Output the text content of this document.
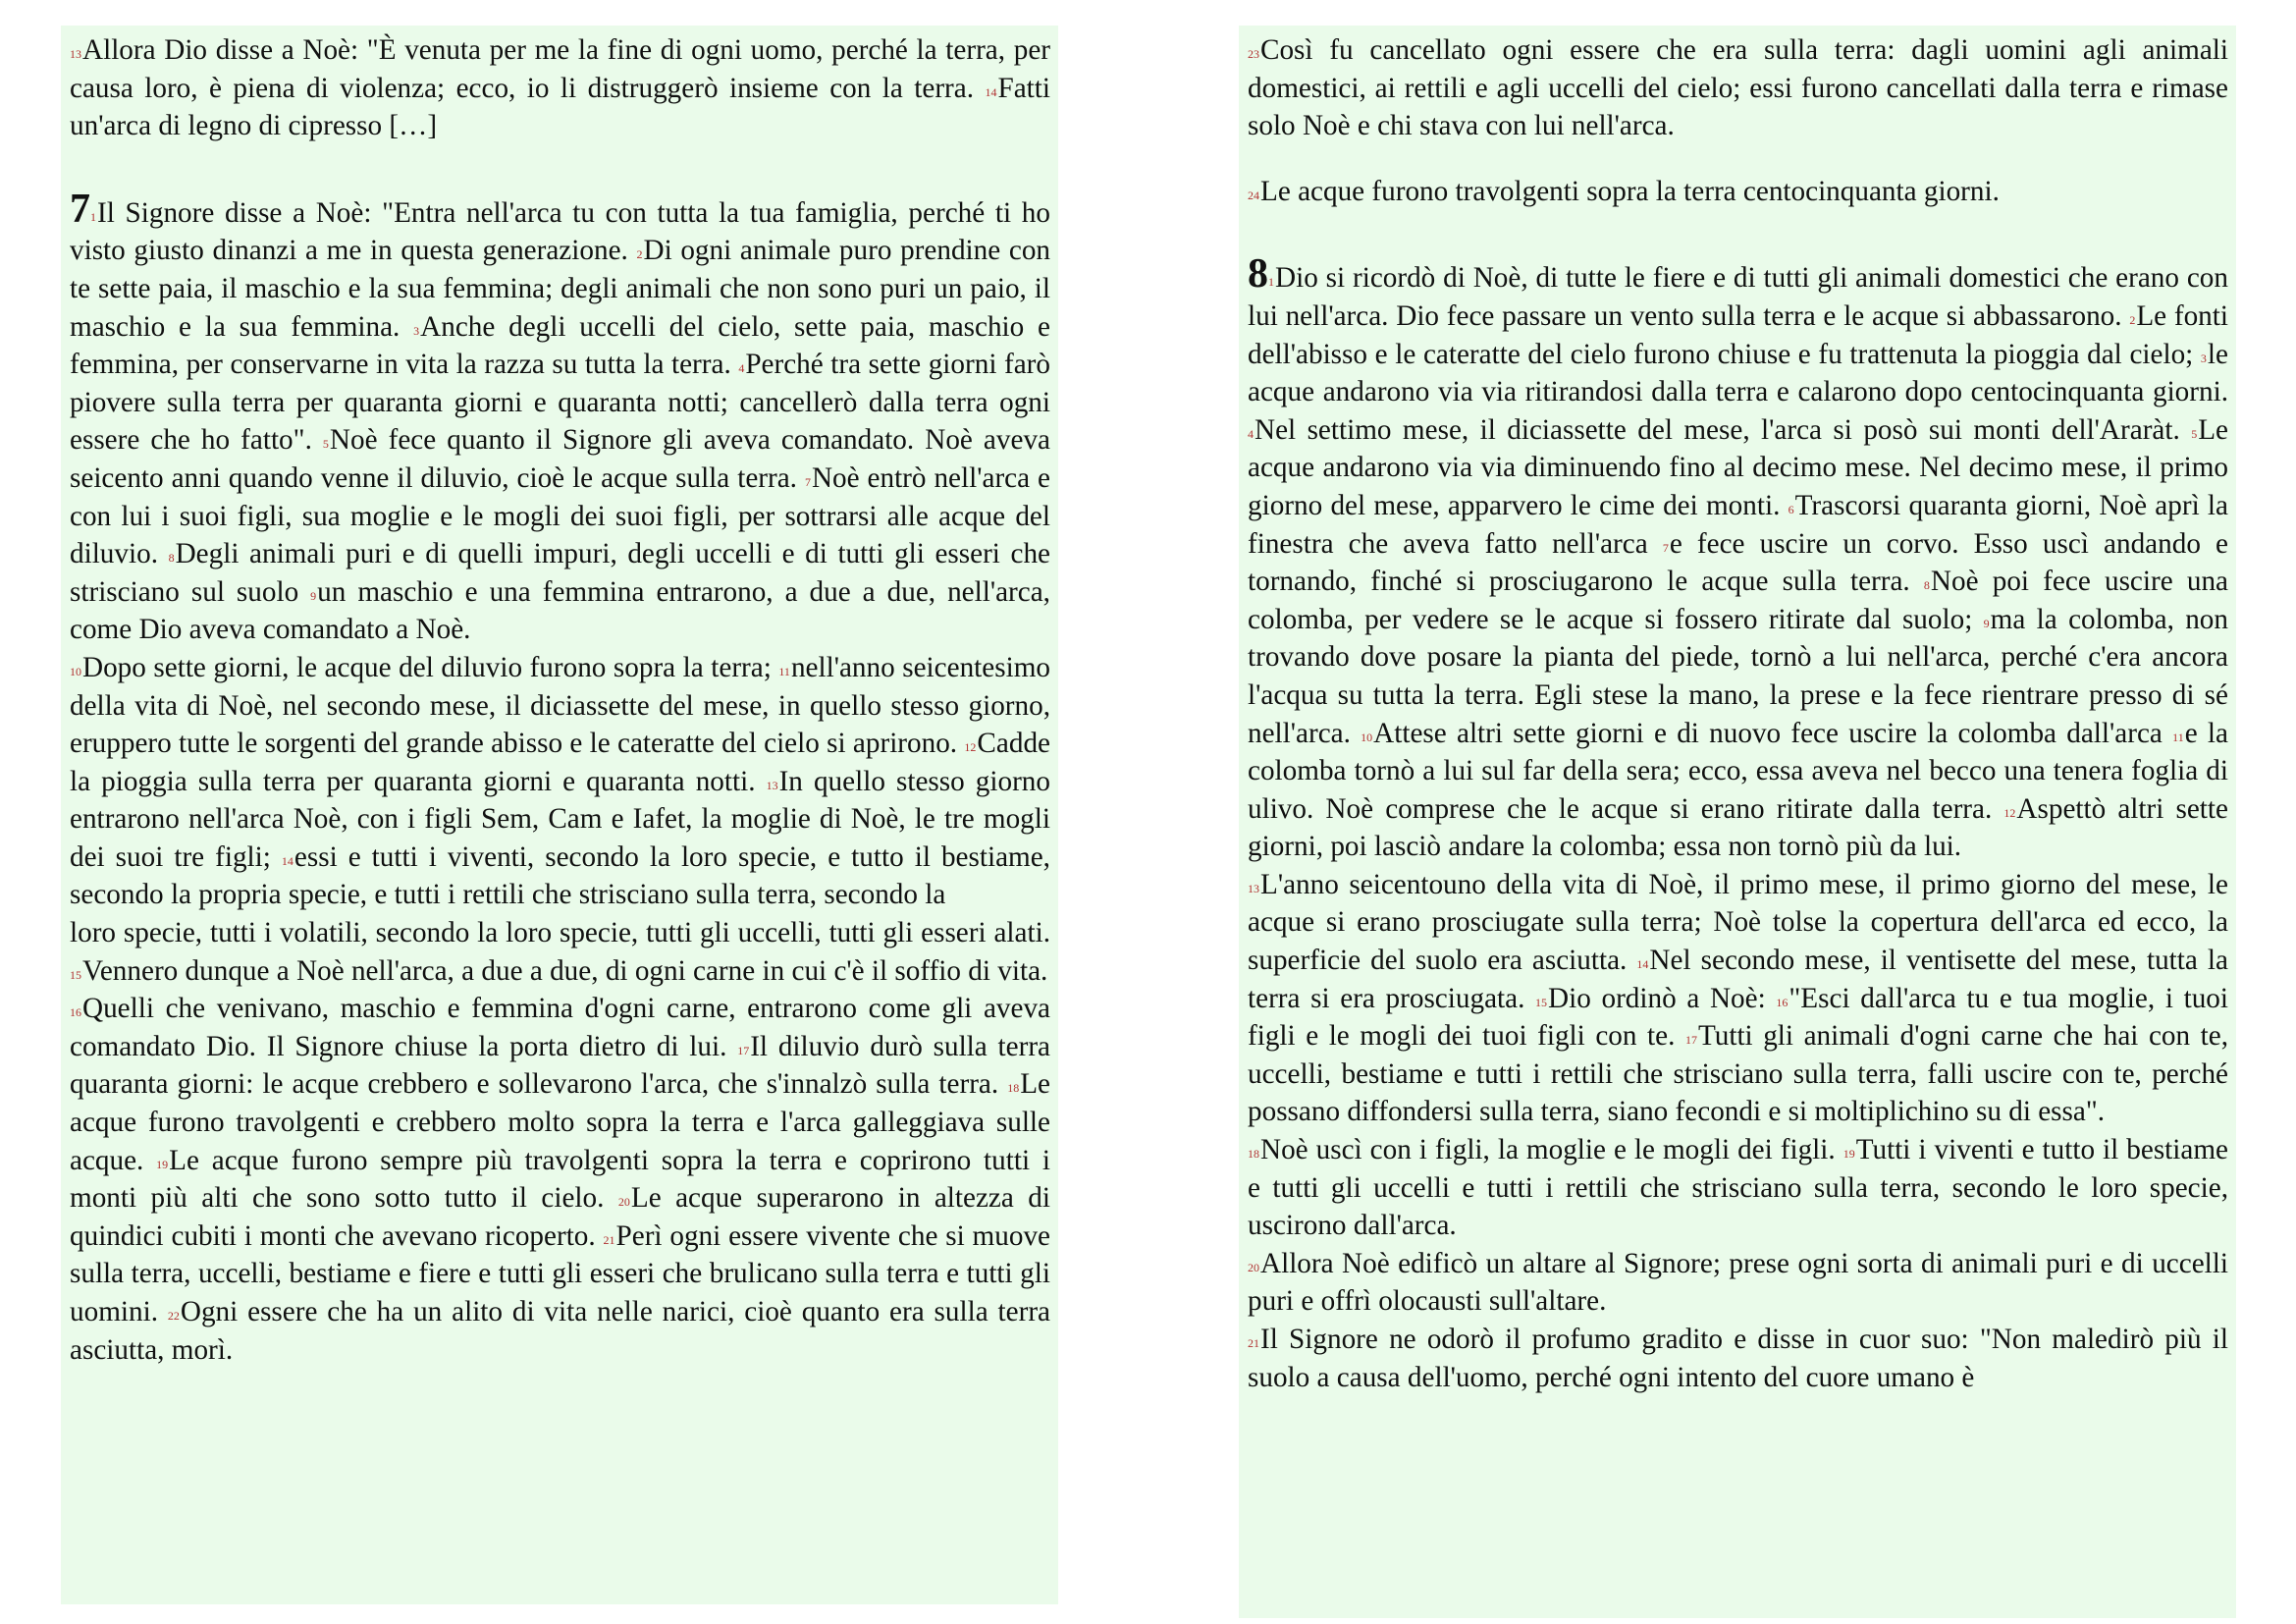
$^{13}$Allora Dio disse a Noè: "È venuta per me la fine di ogni uomo, perché la terra, per causa loro, è piena di violenza; ecco, io li distruggerò insieme con la terra. $^{14}$Fatti un'arca di legno di cipresso […]

$7^1Il$ Signore disse a Noè: "Entra nell'arca tu con tutta la tua famiglia, perché ti ho visto giusto dinanzi a me in questa generazione. $^2$Di ogni animale puro prendine con te sette paia, il maschio e la sua femmina; degli animali che non sono puri un paio, il maschio e la sua femmina. $^3$Anche degli uccelli del cielo, sette paia, maschio e femmina, per conservarne in vita la razza su tutta la terra. $^4$Perché tra sette giorni farò piovere sulla terra per quaranta giorni e quaranta notti; cancellerò dalla terra ogni essere che ho fatto". $^5$Noè fece quanto il Signore gli aveva comandato. Noè aveva seicento anni quando venne il diluvio, cioè le acque sulla terra. $^7$Noè entrò nell'arca e con lui i suoi figli, sua moglie e le mogli dei suoi figli, per sottrarsi alle acque del diluvio. $^8$Degli animali puri e di quelli impuri, degli uccelli e di tutti gli esseri che strisciano sul suolo $^9$un maschio e una femmina entrarono, a due a due, nell'arca, come Dio aveva comandato a Noè.

$^{10}$Dopo sette giorni, le acque del diluvio furono sopra la terra; $^{11}$nell'anno seicentesimo della vita di Noè, nel secondo mese, il diciassette del mese, in quello stesso giorno, eruppero tutte le sorgenti del grande abisso e le cateratte del cielo si aprirono. $^{12}$Cadde la pioggia sulla terra per quaranta giorni e quaranta notti. $^{13}$In quello stesso giorno entrarono nell'arca Noè, con i figli Sem, Cam e Iafet, la moglie di Noè, le tre mogli dei suoi tre figli; $^{14}$essi e tutti i viventi, secondo la loro specie, e tutto il bestiame, secondo la propria specie, e tutti i rettili che strisciano sulla terra, secondo la

loro specie, tutti i volatili, secondo la loro specie, tutti gli uccelli, tutti gli esseri alati. $^{15}$Vennero dunque a Noè nell'arca, a due a due, di ogni carne in cui c'è il soffio di vita.

$^{16}$Quelli che venivano, maschio e femmina d'ogni carne, entrarono come gli aveva comandato Dio. Il Signore chiuse la porta dietro di lui. $^{17}$Il diluvio durò sulla terra quaranta giorni: le acque crebbero e sollevarono l'arca, che s'innalzò sulla terra. $^{18}$Le acque furono travolgenti e crebbero molto sopra la terra e l'arca galleggiava sulle acque. $^{19}$Le acque furono sempre più travolgenti sopra la terra e coprirono tutti i monti più alti che sono sotto tutto il cielo. $^{20}$Le acque superarono in altezza di quindici cubiti i monti che avevano ricoperto. $^{21}$Perì ogni essere vivente che si muove sulla terra, uccelli, bestiame e fiere e tutti gli esseri che brulicano sulla terra e tutti gli uomini. $^{22}$Ogni essere che ha un alito di vita nelle narici, cioè quanto era sulla terra asciutta, morì.

$^{23}$Così fu cancellato ogni essere che era sulla terra: dagli uomini agli animali domestici, ai rettili e agli uccelli del cielo; essi furono cancellati dalla terra e rimase solo Noè e chi stava con lui nell'arca.

$^{24}$Le acque furono travolgenti sopra la terra centocinquanta giorni.

$8^1Dio$ si ricordò di Noè, di tutte le fiere e di tutti gli animali domestici che erano con lui nell'arca. Dio fece passare un vento sulla terra e le acque si abbassarono. $^2$Le fonti dell'abisso e le cateratte del cielo furono chiuse e fu trattenuta la pioggia dal cielo; $^3$le acque andarono via via ritirandosi dalla terra e calarono dopo centocinquanta giorni. $^4$Nel settimo mese, il diciassette del mese, l'arca si posò sui monti dell'Araràt. $^5$Le acque andarono via via diminuendo fino al decimo mese. Nel decimo mese, il primo giorno del mese, apparvero le cime dei monti. $^6$Trascorsi quaranta giorni, Noè aprì la finestra che aveva fatto nell'arca $^7$e fece uscire un corvo. Esso uscì andando e tornando, finché si prosciugarono le acque sulla terra. $^8$Noè poi fece uscire una colomba, per vedere se le acque si fossero ritirate dal suolo; $^9$ma la colomba, non trovando dove posare la pianta del piede, tornò a lui nell'arca, perché c'era ancora l'acqua su tutta la terra. Egli stese la mano, la prese e la fece rientrare presso di sé nell'arca. $^{10}$Attese altri sette giorni e di nuovo fece uscire la colomba dall'arca $^{11}$e la colomba tornò a lui sul far della sera; ecco, essa aveva nel becco una tenera foglia di ulivo. Noè comprese che le acque si erano ritirate dalla terra. $^{12}$Aspettò altri sette giorni, poi lasciò andare la colomba; essa non tornò più da lui.

$^{13}$L'anno seicentouno della vita di Noè, il primo mese, il primo giorno del mese, le acque si erano prosciugate sulla terra; Noè tolse la copertura dell'arca ed ecco, la superficie del suolo era asciutta. $^{14}$Nel secondo mese, il ventisette del mese, tutta la terra si era prosciugata. $^{15}$Dio ordinò a Noè: $^{16}$"Esci dall'arca tu e tua moglie, i tuoi figli e le mogli dei tuoi figli con te. $^{17}$Tutti gli animali d'ogni carne che hai con te, uccelli, bestiame e tutti i rettili che strisciano sulla terra, falli uscire con te, perché possano diffondersi sulla terra, siano fecondi e si moltiplichino su di essa".

$^{18}$Noè uscì con i figli, la moglie e le mogli dei figli. $^{19}$Tutti i viventi e tutto il bestiame e tutti gli uccelli e tutti i rettili che strisciano sulla terra, secondo le loro specie, uscirono dall'arca.

$^{20}$Allora Noè edificò un altare al Signore; prese ogni sorta di animali puri e di uccelli puri e offrì olocausti sull'altare.

$^{21}$Il Signore ne odorò il profumo gradito e disse in cuor suo: "Non maledirò più il suolo a causa dell'uomo, perché ogni intento del cuore umano è
